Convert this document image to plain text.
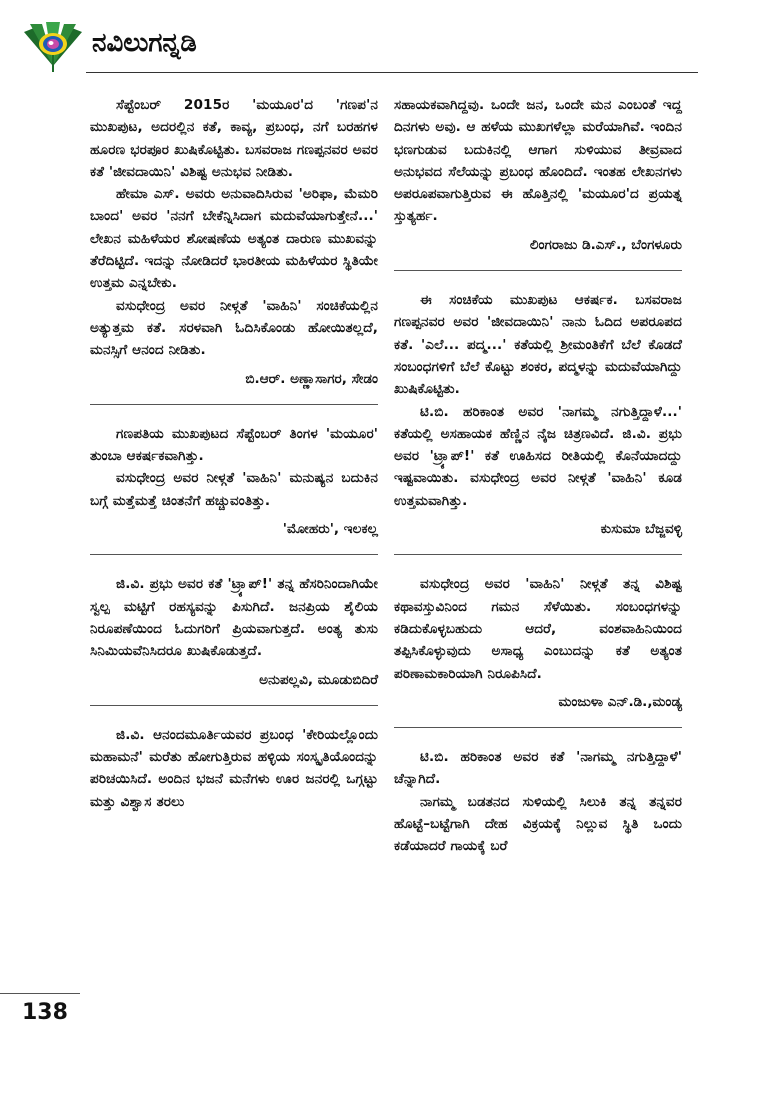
ನವಿಲುಗನ್ನಡಿ

ಸೆಪ್ಟೆಂಬರ್ 2015ರ 'ಮಯೂರ'ದ 'ಗಣಪ'ನ ಮುಖಪುಟ, ಅದರಲ್ಲಿನ ಕತೆ, ಕಾವ್ಯ, ಪ್ರಬಂಧ, ನಗೆ ಬರಹಗಳ ಹೂರಣ ಭರಪೂರ ಖುಷಿಕೊಟ್ಟಿತು. ಬಸವರಾಜ ಗಣಪ್ಪನವರ ಅವರ ಕತೆ 'ಜೀವದಾಯಿನಿ' ವಿಶಿಷ್ಟ ಅನುಭವ ನೀಡಿತು.

ಹೇಮಾ ಎಸ್. ಅವರು ಅನುವಾದಿಸಿರುವ 'ಅರಿಫಾ, ಮೆಮರಿ ಬಾಂದ' ಅವರ 'ನನಗೆ ಬೇಕೆನ್ನಿಸಿದಾಗ ಮದುವೆಯಾಗುತ್ತೇನೆ...' ಲೇಖನ ಮಹಿಳೆಯರ ಶೋಷಣೆಯ ಅತ್ಯಂತ ದಾರುಣ ಮುಖವನ್ನು ತೆರೆದಿಟ್ಟಿದೆ. ಇದನ್ನು ನೋಡಿದರೆ ಭಾರತೀಯ ಮಹಿಳೆಯರ ಸ್ಥಿತಿಯೇ ಉತ್ತಮ ಎನ್ನಬೇಕು.

ವಸುಧೇಂದ್ರ ಅವರ ನೀಳ್ಗತೆ 'ವಾಹಿನಿ' ಸಂಚಿಕೆಯಲ್ಲಿನ ಅತ್ಯುತ್ತಮ ಕತೆ. ಸರಳವಾಗಿ ಓದಿಸಿಕೊಂಡು ಹೋಯಿತಲ್ಲದೆ, ಮನಸ್ಸಿಗೆ ಆನಂದ ನೀಡಿತು.

ಬಿ.ಆರ್. ಅಣ್ಣಾಸಾಗರ, ಸೇಡಂ

ಗಣಪತಿಯ ಮುಖಪುಟದ ಸೆಪ್ಟೆಂಬರ್ ತಿಂಗಳ 'ಮಯೂರ' ತುಂಬಾ ಆಕರ್ಷಕವಾಗಿತ್ತು.

ವಸುಧೇಂದ್ರ ಅವರ ನೀಳ್ಗತೆ 'ವಾಹಿನಿ' ಮನುಷ್ಯನ ಬದುಕಿನ ಬಗ್ಗೆ ಮತ್ತೆಮತ್ತೆ ಚಿಂತನೆಗೆ ಹಚ್ಚುವಂತಿತ್ತು.

'ಮೋಹರು', ಇಲಕಲ್ಲ

ಜಿ.ವಿ. ಪ್ರಭು ಅವರ ಕತೆ 'ಟ್ರ್ಯಾಪ್!' ತನ್ನ ಹೆಸರಿನಿಂದಾಗಿಯೇ ಸ್ವಲ್ಪ ಮಟ್ಟಿಗೆ ರಹಸ್ಯವನ್ನು ಪಿಸುಗಿದೆ. ಜನಪ್ರಿಯ ಶೈಲಿಯ ನಿರೂಪಣೆಯಿಂದ ಓದುಗರಿಗೆ ಪ್ರಿಯವಾಗುತ್ತದೆ. ಅಂತ್ಯ ತುಸು ಸಿನಿಮಿಯವೆನಿಸಿದರೂ ಖುಷಿಕೊಡುತ್ತದೆ.

ಅನುಪಲ್ಲವಿ, ಮೂಡುಬಿದಿರೆ

ಜಿ.ವಿ. ಆನಂದಮೂರ್ತಿಯವರ ಪ್ರಬಂಧ 'ಕೇರಿಯಲ್ಲೊಂದು ಮಹಾಮನೆ' ಮರೆತು ಹೋಗುತ್ತಿರುವ ಹಳ್ಳಿಯ ಸಂಸ್ಕೃತಿಯೊಂದನ್ನು ಪರಿಚಯಿಸಿದೆ. ಅಂದಿನ ಭಜನೆ ಮನೆಗಳು ಊರ ಜನರಲ್ಲಿ ಒಗ್ಗಟ್ಟು ಮತ್ತು ವಿಶ್ವಾಸ ತರಲು

ಸಹಾಯಕವಾಗಿದ್ದವು. ಒಂದೇ ಜನ, ಒಂದೇ ಮನ ಎಂಬಂತೆ ಇದ್ದ ದಿನಗಳು ಅವು. ಆ ಹಳೆಯ ಮುಖಗಳೆಲ್ಲಾ ಮರೆಯಾಗಿವೆ. ಇಂದಿನ ಭಣಗುಡುವ ಬದುಕಿನಲ್ಲಿ ಆಗಾಗ ಸುಳಿಯುವ ತೀವ್ರವಾದ ಅನುಭವದ ಸೆಲೆಯನ್ನು ಪ್ರಬಂಧ ಹೊಂದಿದೆ. ಇಂತಹ ಲೇಖನಗಳು ಅಪರೂಪವಾಗುತ್ತಿರುವ ಈ ಹೊತ್ತಿನಲ್ಲಿ 'ಮಯೂರ'ದ ಪ್ರಯತ್ನ ಸ್ತುತ್ಯರ್ಹ.

ಲಿಂಗರಾಜು ಡಿ.ಎಸ್., ಬೆಂಗಳೂರು

ಈ ಸಂಚಿಕೆಯ ಮುಖಪುಟ ಆಕರ್ಷಕ. ಬಸವರಾಜ ಗಣಪ್ಪನವರ ಅವರ 'ಜೀವದಾಯಿನಿ' ನಾನು ಓದಿದ ಅಪರೂಪದ ಕತೆ. 'ಎಲೆ... ಪದ್ಮ...' ಕತೆಯಲ್ಲಿ ಶ್ರೀಮಂತಿಕೆಗೆ ಬೆಲೆ ಕೊಡದೆ ಸಂಬಂಧಗಳಿಗೆ ಬೆಲೆ ಕೊಟ್ಟು ಶಂಕರ, ಪದ್ಮಳನ್ನು ಮದುವೆಯಾಗಿದ್ದು ಖುಷಿಕೊಟ್ಟಿತು.

ಟಿ.ಬಿ. ಹರಿಕಾಂತ ಅವರ 'ನಾಗಮ್ಮ ನಗುತ್ತಿದ್ದಾಳೆ...' ಕತೆಯಲ್ಲಿ ಅಸಹಾಯಕ ಹೆಣ್ಣಿನ ನೈಜ ಚಿತ್ರಣವಿದೆ. ಜಿ.ವಿ. ಪ್ರಭು ಅವರ 'ಟ್ರ್ಯಾಪ್!' ಕತೆ ಊಹಿಸದ ರೀತಿಯಲ್ಲಿ ಕೊನೆಯಾದದ್ದು ಇಷ್ಟವಾಯಿತು. ವಸುಧೇಂದ್ರ ಅವರ ನೀಳ್ಗತೆ 'ವಾಹಿನಿ' ಕೂಡ ಉತ್ತಮವಾಗಿತ್ತು.

ಕುಸುಮಾ ಬೆಜ್ಜವಳ್ಳಿ

ವಸುಧೇಂದ್ರ ಅವರ 'ವಾಹಿನಿ' ನೀಳ್ಗತೆ ತನ್ನ ವಿಶಿಷ್ಟ ಕಥಾವಸ್ತುವಿನಿಂದ ಗಮನ ಸೆಳೆಯಿತು. ಸಂಬಂಧಗಳನ್ನು ಕಡಿದುಕೊಳ್ಳಬಹುದು ಆದರೆ, ವಂಶವಾಹಿನಿಯಿಂದ ತಪ್ಪಿಸಿಕೊಳ್ಳುವುದು ಅಸಾಧ್ಯ ಎಂಬುದನ್ನು ಕತೆ ಅತ್ಯಂತ ಪರಿಣಾಮಕಾರಿಯಾಗಿ ನಿರೂಪಿಸಿದೆ.

ಮಂಜುಳಾ ಎನ್.ಡಿ.,ಮಂಡ್ಯ

ಟಿ.ಬಿ. ಹರಿಕಾಂತ ಅವರ ಕತೆ 'ನಾಗಮ್ಮ ನಗುತ್ತಿದ್ದಾಳೆ' ಚೆನ್ನಾಗಿದೆ.

ನಾಗಮ್ಮ ಬಡತನದ ಸುಳಿಯಲ್ಲಿ ಸಿಲುಕಿ ತನ್ನ ತನ್ನವರ ಹೊಟ್ಟೆ–ಬಟ್ಟೆಗಾಗಿ ದೇಹ ವಿಕ್ರಯಕ್ಕೆ ನಿಲ್ಲುವ ಸ್ಥಿತಿ ಒಂದು ಕಡೆಯಾದರೆ ಗಾಯಕ್ಕೆ ಬರೆ

138
